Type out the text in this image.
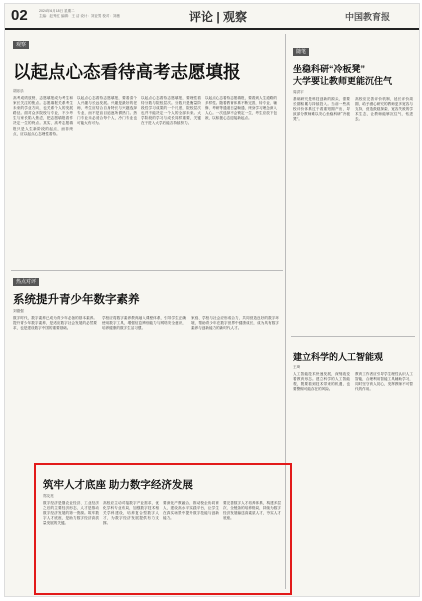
02	2024年6月18日 星期二
主编：赵秀红 编辑：王 洁 设计：刘亚男 校对：刘薇	评论 | 观察	中国教育报
观察
以起点心态看待高考志愿填报
胡乐乐

高考成绩放榜，志愿填报成为考生和家长关注的焦点。志愿填报关系考生未来的学业方向，也关系个人的发展路径。面对众多院校与专业，不少考生与家长陷入焦虑，把志愿填报看作决定一生的终点。其实，高考志愿填报只是人生新阶段的起点，而非终点，应以起点心态理性看待。

以起点心态看待志愿填报，要看清个人兴趣与长远发展。兴趣是最好的老师，考生应结合自身特长与兴趣选择专业，而不是盲目追逐所谓热门。热门专业未必适合每个人，冷门专业也可能大有可为。

以起点心态看待志愿填报，要理性看待分数与院校层次。分数只是衡量阶段性学习成果的一个尺度，院校层次也并不能决定一个人的全部未来。大学阶段的学习与成长同样重要，关键在于进入大学后能否持续努力。

以起点心态看待志愿填报，要看到人生道路的多样性。随着教育体系不断完善，转专业、辅修、考研等通道日益畅通，终身学习理念深入人心。一次选择不会锁定一生，考生应放下包袱，以积极心态迎接新起点。

随笔
坐稳科研“冷板凳”
大学要让教师更能沉住气
周洪宇

基础研究是科技创新的源头，需要长期积累与持续投入。当前一些高校评价体系过于看重短期产出，导致部分教师难以安心坐稳科研“冷板凳”。

高校应完善评价机制，延长评价周期，给予潜心研究的教师更多宽容与支持，营造鼓励探索、宽容失败的学术生态，让教师能够沉住气、钻进去。

热点对评
系统提升青少年数字素养
刘德强

数字时代，数字素养已成为青少年必备的基本素养。提升青少年数字素养，是适应数字社会发展的必然要求，也是建设数字中国的重要基础。

学校应将数字素养教育融入课程体系，引导学生正确使用数字工具，增强信息辨别能力与网络安全意识，培养健康的数字生活习惯。

家庭、学校与社会应形成合力，共同营造良好的数字环境，帮助青少年在数字世界中健康成长，成为具有数字素养与创新能力的新时代人才。

建立科学的人工智能观
王琦

人工智能技术快速发展，深刻改变着教育形态。建立科学的人工智能观，既要看到技术带来的机遇，也要警惕可能存在的风险。

教育工作者应引导学生理性认识人工智能，合理利用智能工具辅助学习，同时坚守育人初心，发挥教师不可替代的作用。

筑牢人才底座 助力数字经济发展
郑友亮

数字经济是继农业经济、工业经济之后的主要经济形态，人才是推动数字经济发展的第一资源。筑牢数字人才底座，是助力数字经济高质量发展的关键。

高校应主动对接数字产业需求，优化学科专业布局，加强数字技术相关学科建设，培养复合型数字人才，为数字经济发展提供有力支撑。

要深化产教融合，推动校企协同育人，建设高水平实践平台，让学生在真实场景中提升数字技能与创新能力。

要完善数字人才培养体系，构建多层次、全链条的培养格局，持续为数字经济发展输送高素质人才，夯实人才底座。
